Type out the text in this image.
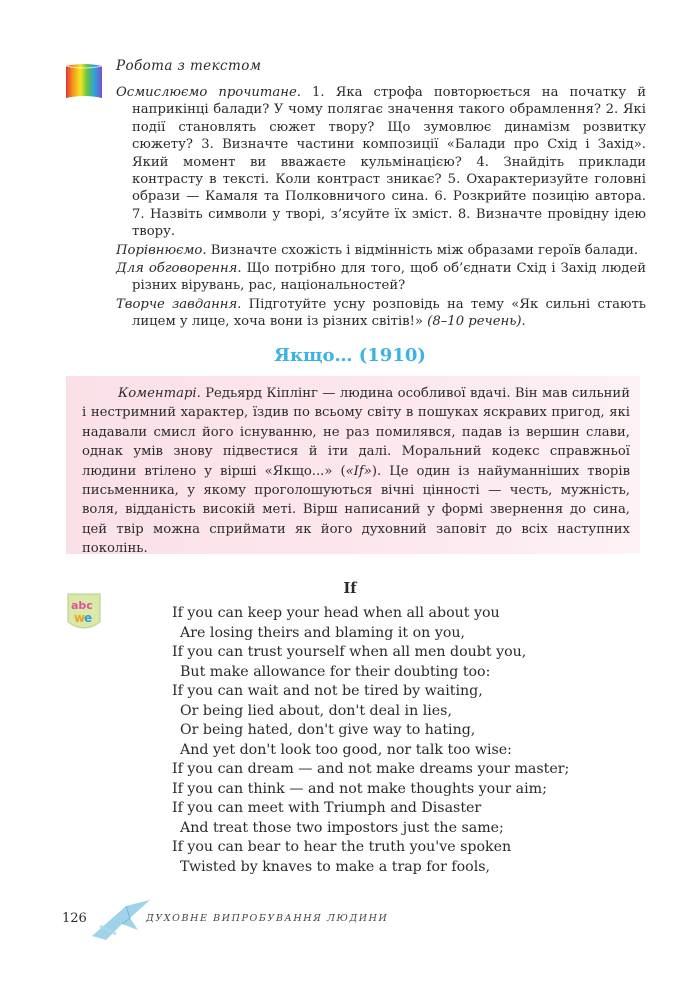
Робота з текстом

Осмислюємо прочитане. 1. Яка строфа повторюється на початку й наприкінці балади? У чому полягає значення такого обрамлення? 2. Які події становлять сюжет твору? Що зумовлює динамізм розвитку сюжету? 3. Визначте частини композиції «Балади про Схід і Захід». Який момент ви вважаєте кульмінацією? 4. Знайдіть приклади контрасту в тексті. Коли контраст зникає? 5. Охарактеризуйте головні образи — Камаля та Полковничого сина. 6. Розкрийте позицію автора. 7. Назвіть символи у творі, з’ясуйте їх зміст. 8. Визначте провідну ідею твору.

Порівнюємо. Визначте схожість і відмінність між образами героїв балади.

Для обговорення. Що потрібно для того, щоб об’єднати Схід і Захід людей різних вірувань, рас, національностей?

Творче завдання. Підготуйте усну розповідь на тему «Як сильні стають лицем у лице, хоча вони із різних світів!» (8–10 речень).

Якщо… (1910)
Коментарі. Редьярд Кіплінг — людина особливої вдачі. Він мав сильний і нестримний характер, їздив по всьому світу в пошуках яскравих пригод, які надавали смисл його існуванню, не раз помилявся, падав із вершин слави, однак умів знову підвестися й іти далі. Моральний кодекс справжньої людини втілено у вірші «Якщо...» («If»). Це один із найуманніших творів письменника, у якому проголошуються вічні цінності — честь, мужність, воля, відданість високій меті. Вірш написаний у формі звернення до сина, цей твір можна сприймати як його духовний заповіт до всіх наступних поколінь.
abc
w
e
If
If you can keep your head when all about you
Are losing theirs and blaming it on you,
If you can trust yourself when all men doubt you,
But make allowance for their doubting too:
If you can wait and not be tired by waiting,
Or being lied about, don't deal in lies,
Or being hated, don't give way to hating,
And yet don't look too good, nor talk too wise:
If you can dream — and not make dreams your master;
If you can think — and not make thoughts your aim;
If you can meet with Triumph and Disaster
And treat those two impostors just the same;
If you can bear to hear the truth you've spoken
Twisted by knaves to make a trap for fools,
126	ДУХОВНЕ ВИПРОБУВАННЯ ЛЮДИНИ
